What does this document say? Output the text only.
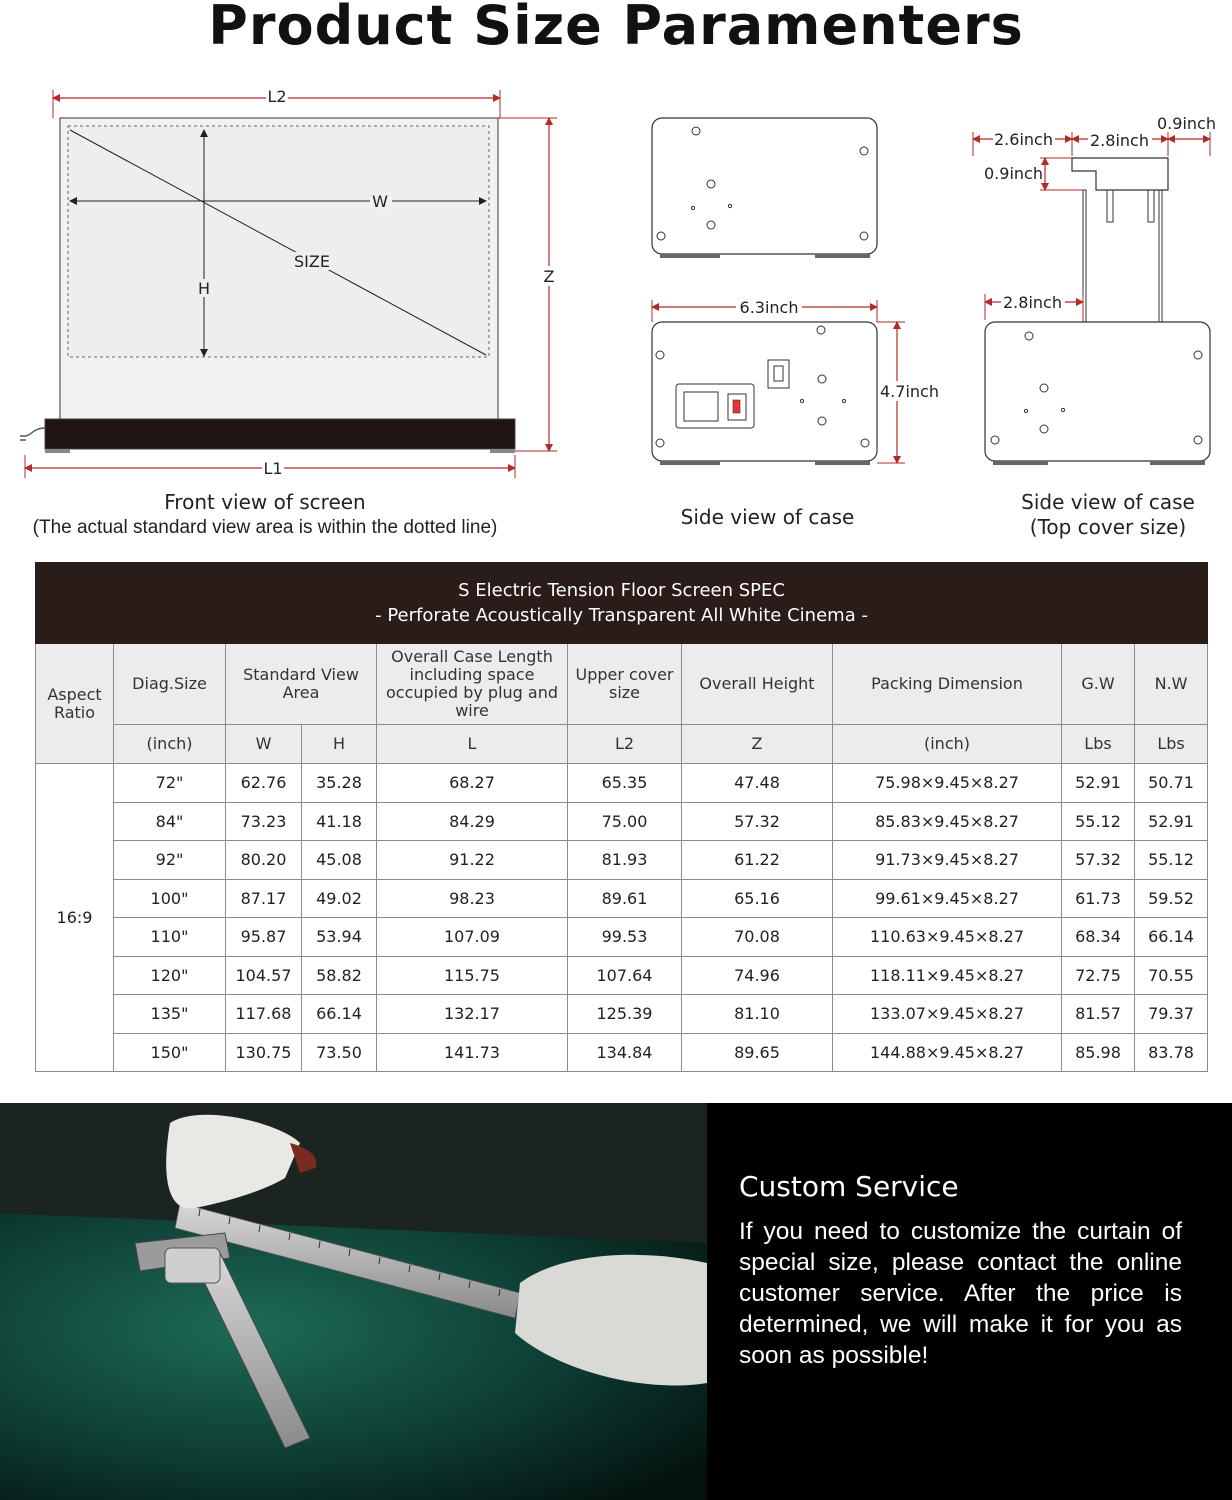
Product Size Paramenters
L2
W
SIZE
H
Z
L1
6.3inch
4.7inch
2.6inch 2.8inch
0.9inch
0.9inch
2.8inch
Front view of screen
(The actual standard view area is within the dotted line)	Side view of case
Side view of case
(Top cover size)
S Electric Tension Floor Screen SPEC
- Perforate Acoustically Transparent All White Cinema -									

Aspect Ratio	Diag.Size	Standard View Area		Overall Case Length including space occupied by plug and wire	Upper cover size	Overall Height	Packing Dimension	G.W	N.W
	(inch)	W	H	L	L2	Z	(inch)	Lbs	Lbs
16:9	72"	62.76	35.28	68.27	65.35	47.48	75.98×9.45×8.27	52.91	50.71
	84"	73.23	41.18	84.29	75.00	57.32	85.83×9.45×8.27	55.12	52.91
	92"	80.20	45.08	91.22	81.93	61.22	91.73×9.45×8.27	57.32	55.12
	100"	87.17	49.02	98.23	89.61	65.16	99.61×9.45×8.27	61.73	59.52
	110"	95.87	53.94	107.09	99.53	70.08	110.63×9.45×8.27	68.34	66.14
	120"	104.57	58.82	115.75	107.64	74.96	118.11×9.45×8.27	72.75	70.55
	135"	117.68	66.14	132.17	125.39	81.10	133.07×9.45×8.27	81.57	79.37
	150"	130.75	73.50	141.73	134.84	89.65	144.88×9.45×8.27	85.98	83.78
Custom Service
If you need to customize the curtain of special size, please contact the online customer service. After the price is determined, we will make it for you as soon as possible!
